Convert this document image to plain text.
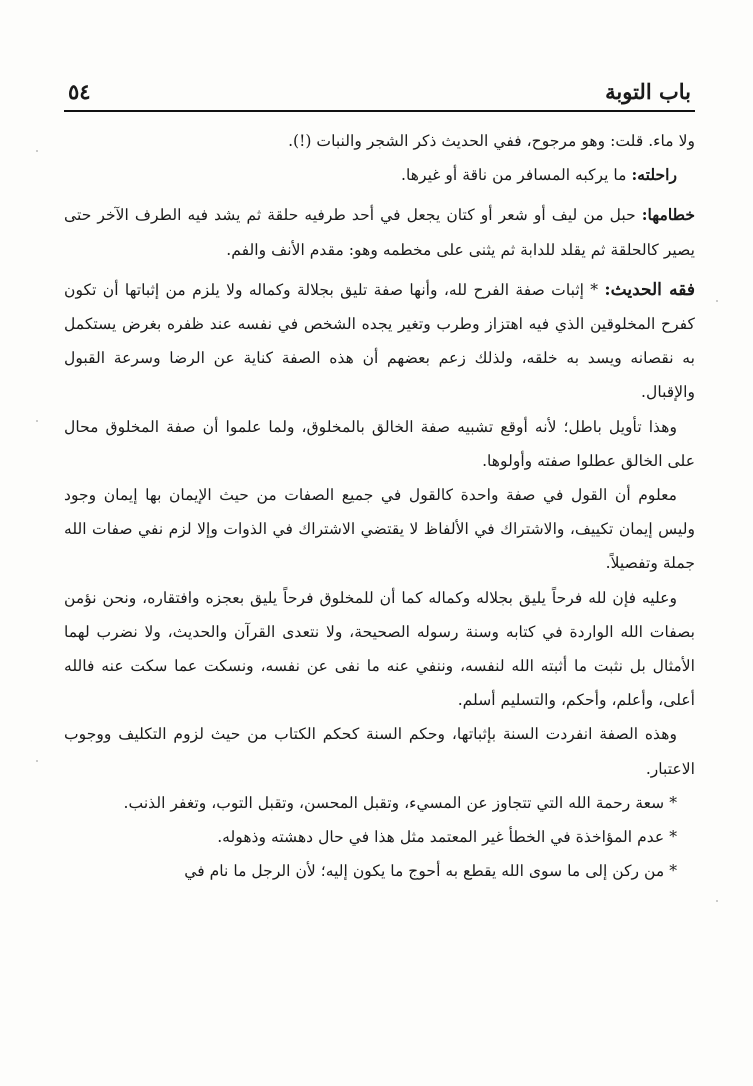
باب التوبة
٥٤

ولا ماء. قلت: وهو مرجوح، ففي الحديث ذكر الشجر والنبات (!).

راحلته: ما يركبه المسافر من ناقة أو غيرها.

خطامها: حبل من ليف أو شعر أو كتان يجعل في أحد طرفيه حلقة ثم يشد فيه الطرف الآخر حتى يصير كالحلقة ثم يقلد للدابة ثم يثنى على مخطمه وهو: مقدم الأنف والفم.

فقه الحديث: * إثبات صفة الفرح لله، وأنها صفة تليق بجلالة وكماله ولا يلزم من إثباتها أن تكون كفرح المخلوقين الذي فيه اهتزاز وطرب وتغير يجده الشخص في نفسه عند ظفره بغرض يستكمل به نقصانه ويسد به خلقه، ولذلك زعم بعضهم أن هذه الصفة كناية عن الرضا وسرعة القبول والإقبال.

وهذا تأويل باطل؛ لأنه أوقع تشبيه صفة الخالق بالمخلوق، ولما علموا أن صفة المخلوق محال على الخالق عطلوا صفته وأولوها.

معلوم أن القول في صفة واحدة كالقول في جميع الصفات من حيث الإيمان بها إيمان وجود وليس إيمان تكييف، والاشتراك في الألفاظ لا يقتضي الاشتراك في الذوات وإلا لزم نفي صفات الله جملة وتفصيلاً.

وعليه فإن لله فرحاً يليق بجلاله وكماله كما أن للمخلوق فرحاً يليق بعجزه وافتقاره، ونحن نؤمن بصفات الله الواردة في كتابه وسنة رسوله الصحيحة، ولا نتعدى القرآن والحديث، ولا نضرب لهما الأمثال بل نثبت ما أثبته الله لنفسه، وننفي عنه ما نفى عن نفسه، ونسكت عما سكت عنه فالله أعلى، وأعلم، وأحكم، والتسليم أسلم.

وهذه الصفة انفردت السنة بإثباتها، وحكم السنة كحكم الكتاب من حيث لزوم التكليف ووجوب الاعتبار.

* سعة رحمة الله التي تتجاوز عن المسيء، وتقبل المحسن، وتقبل التوب، وتغفر الذنب.

* عدم المؤاخذة في الخطأ غير المعتمد مثل هذا في حال دهشته وذهوله.

* من ركن إلى ما سوى الله يقطع به أحوج ما يكون إليه؛ لأن الرجل ما نام في
